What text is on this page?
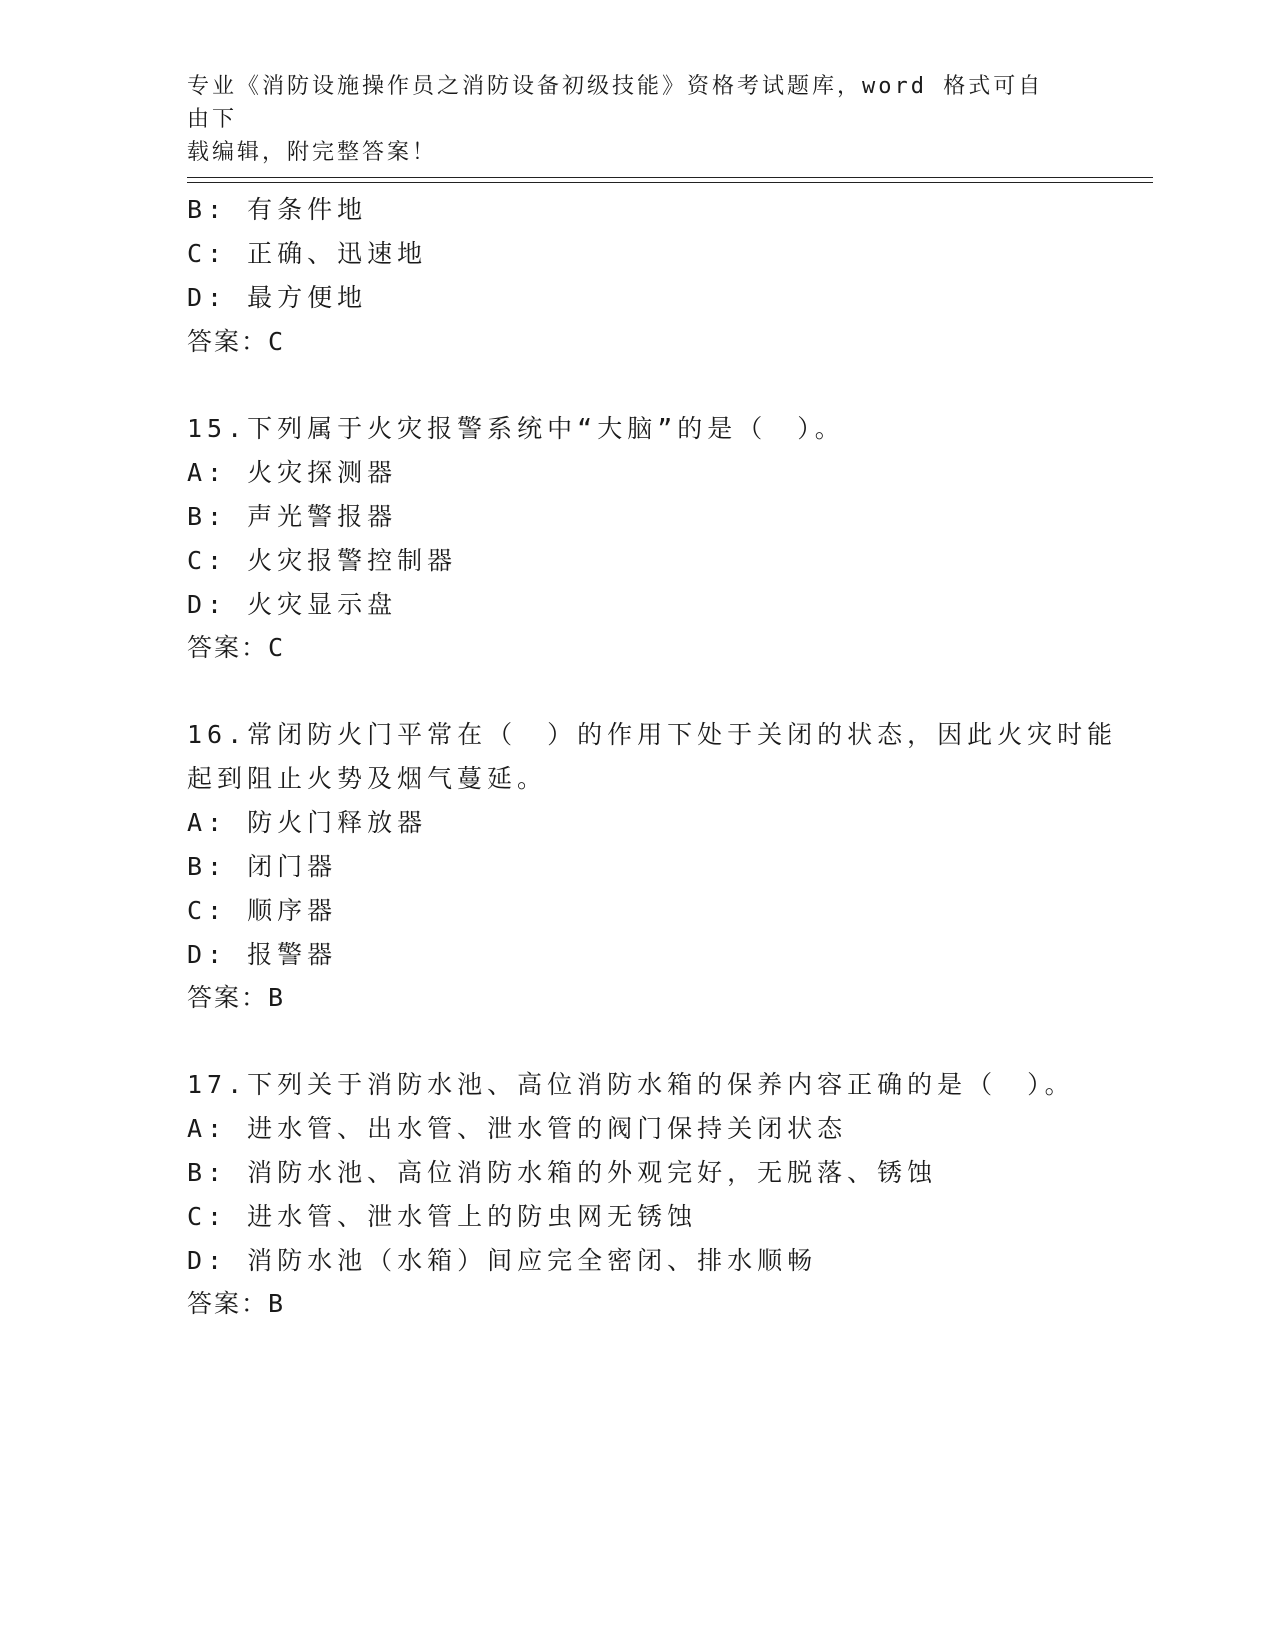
专业《消防设施操作员之消防设备初级技能》资格考试题库，word 格式可自由下
载编辑，附完整答案！
B: 有条件地
C: 正确、迅速地
D: 最方便地
答案：C
15.下列属于火灾报警系统中“大脑”的是（　）。
A: 火灾探测器
B: 声光警报器
C: 火灾报警控制器
D: 火灾显示盘
答案：C
16.常闭防火门平常在（　）的作用下处于关闭的状态，因此火灾时能
起到阻止火势及烟气蔓延。
A: 防火门释放器
B: 闭门器
C: 顺序器
D: 报警器
答案：B
17.下列关于消防水池、高位消防水箱的保养内容正确的是（　）。
A: 进水管、出水管、泄水管的阀门保持关闭状态
B: 消防水池、高位消防水箱的外观完好，无脱落、锈蚀
C: 进水管、泄水管上的防虫网无锈蚀
D: 消防水池（水箱）间应完全密闭、排水顺畅
答案：B
